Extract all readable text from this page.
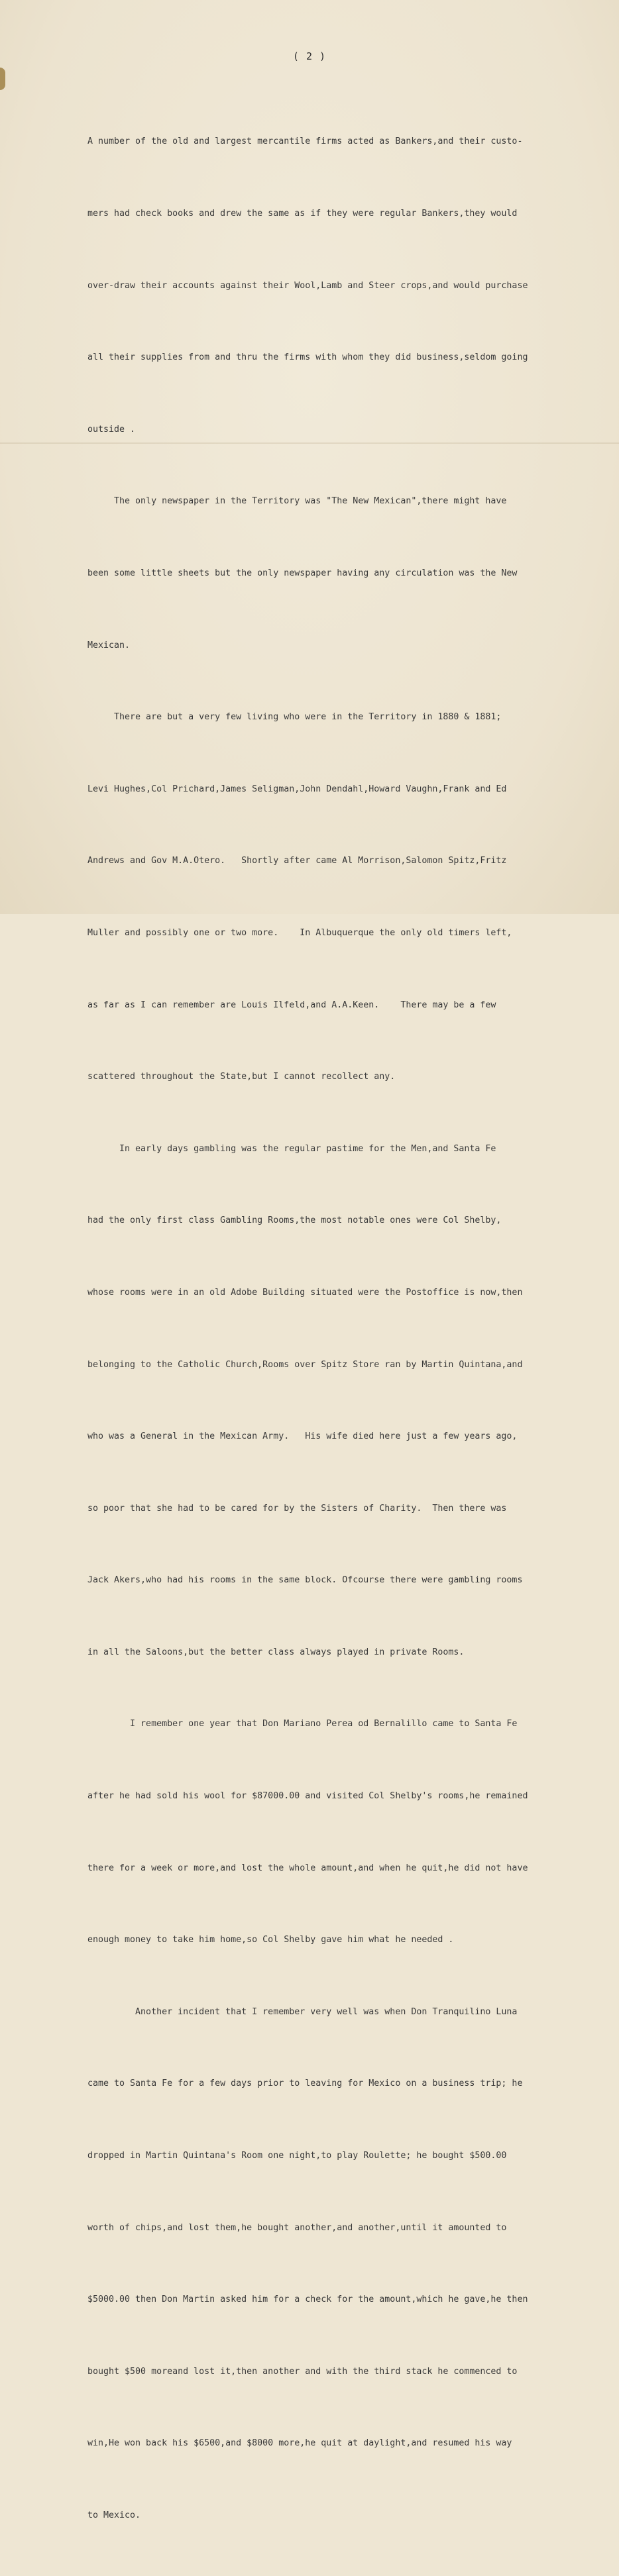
( 2 )

A number of the old and largest mercantile firms acted as Bankers,and their custo-

mers had check books and drew the same as if they were regular Bankers,they would

over-draw their accounts against their Wool,Lamb and Steer crops,and would purchase

all their supplies from and thru the firms with whom they did business,seldom going

outside .

The only newspaper in the Territory was "The New Mexican",there might have

been some little sheets but the only newspaper having any circulation was the New

Mexican.

There are but a very few living who were in the Territory in 1880 & 1881;

Levi Hughes,Col Prichard,James Seligman,John Dendahl,Howard Vaughn,Frank and Ed

Andrews and Gov M.A.Otero.   Shortly after came Al Morrison,Salomon Spitz,Fritz

Muller and possibly one or two more.    In Albuquerque the only old timers left,

as far as I can remember are Louis Ilfeld,and A.A.Keen.    There may be a few

scattered throughout the State,but I cannot recollect any.

In early days gambling was the regular pastime for the Men,and Santa Fe

had the only first class Gambling Rooms,the most notable ones were Col Shelby,

whose rooms were in an old Adobe Building situated were the Postoffice is now,then

belonging to the Catholic Church,Rooms over Spitz Store ran by Martin Quintana,and

who was a General in the Mexican Army.   His wife died here just a few years ago,

so poor that she had to be cared for by the Sisters of Charity.  Then there was

Jack Akers,who had his rooms in the same block. Ofcourse there were gambling rooms

in all the Saloons,but the better class always played in private Rooms.

I remember one year that Don Mariano Perea od Bernalillo came to Santa Fe

after he had sold his wool for $87000.00 and visited Col Shelby's rooms,he remained

there for a week or more,and lost the whole amount,and when he quit,he did not have

enough money to take him home,so Col Shelby gave him what he needed .

Another incident that I remember very well was when Don Tranquilino Luna

came to Santa Fe for a few days prior to leaving for Mexico on a business trip; he

dropped in Martin Quintana's Room one night,to play Roulette; he bought $500.00

worth of chips,and lost them,he bought another,and another,until it amounted to

$5000.00 then Don Martin asked him for a check for the amount,which he gave,he then

bought $500 moreand lost it,then another and with the third stack he commenced to

win,He won back his $6500,and $8000 more,he quit at daylight,and resumed his way

to Mexico.
